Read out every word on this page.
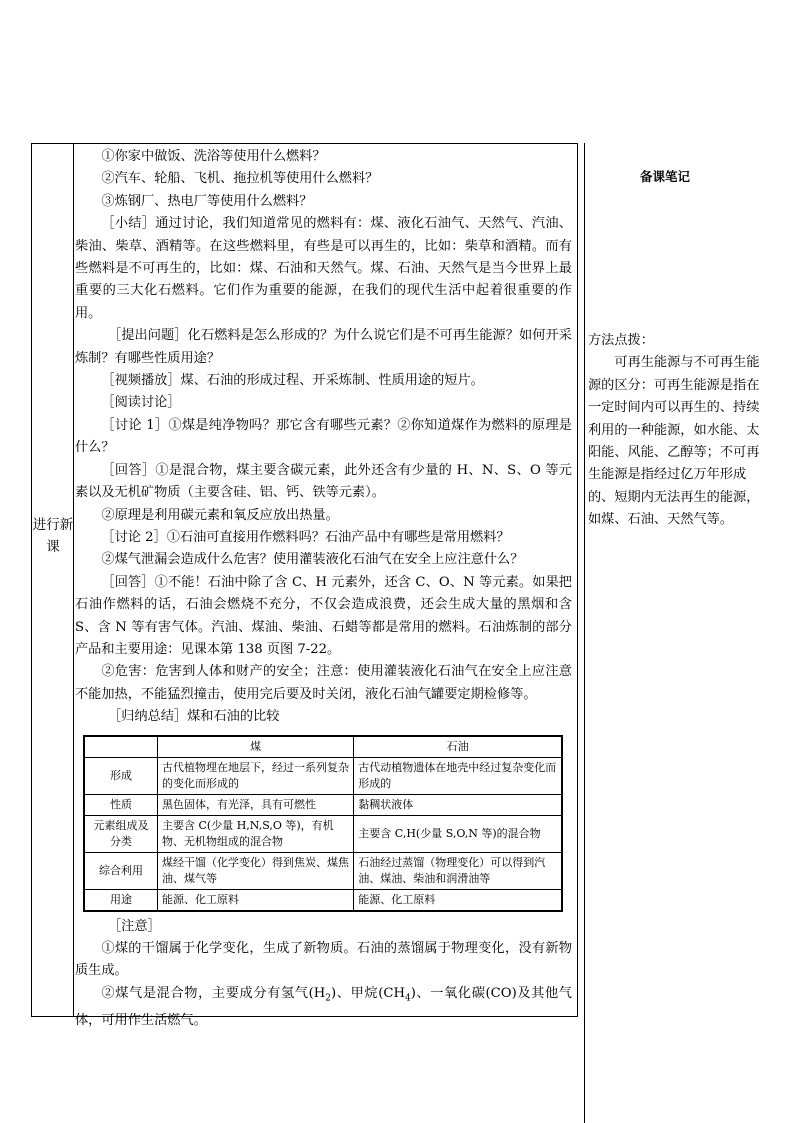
进行新课

①你家中做饭、洗浴等使用什么燃料？

②汽车、轮船、飞机、拖拉机等使用什么燃料？

③炼钢厂、热电厂等使用什么燃料？

［小结］通过讨论，我们知道常见的燃料有：煤、液化石油气、天然气、汽油、柴油、柴草、酒精等。在这些燃料里，有些是可以再生的，比如：柴草和酒精。而有些燃料是不可再生的，比如：煤、石油和天然气。煤、石油、天然气是当今世界上最重要的三大化石燃料。它们作为重要的能源，在我们的现代生活中起着很重要的作用。

［提出问题］化石燃料是怎么形成的？为什么说它们是不可再生能源？如何开采炼制？有哪些性质用途？

［视频播放］煤、石油的形成过程、开采炼制、性质用途的短片。

［阅读讨论］

［讨论 1］①煤是纯净物吗？那它含有哪些元素？②你知道煤作为燃料的原理是什么？

［回答］①是混合物，煤主要含碳元素，此外还含有少量的 H、N、S、O 等元素以及无机矿物质（主要含硅、铝、钙、铁等元素）。

②原理是利用碳元素和氧反应放出热量。

［讨论 2］①石油可直接用作燃料吗？石油产品中有哪些是常用燃料？

②煤气泄漏会造成什么危害？使用灌装液化石油气在安全上应注意什么？

［回答］①不能！石油中除了含 C、H 元素外，还含 C、O、N 等元素。如果把石油作燃料的话，石油会燃烧不充分，不仅会造成浪费，还会生成大量的黑烟和含 S、含 N 等有害气体。汽油、煤油、柴油、石蜡等都是常用的燃料。石油炼制的部分产品和主要用途：见课本第 138 页图 7-22。

②危害：危害到人体和财产的安全；注意：使用灌装液化石油气在安全上应注意不能加热，不能猛烈撞击，使用完后要及时关闭，液化石油气罐要定期检修等。

［归纳总结］煤和石油的比较

	煤	石油
形成	古代植物埋在地层下，经过一系列复杂的变化而形成的	古代动植物遗体在地壳中经过复杂变化而形成的
性质	黑色固体，有光泽，具有可燃性	黏稠状液体
元素组成及分类	主要含 C(少量 H,N,S,O 等)，有机物、无机物组成的混合物	主要含 C,H(少量 S,O,N 等)的混合物
综合利用	煤经干馏（化学变化）得到焦炭、煤焦油、煤气等	石油经过蒸馏（物理变化）可以得到汽油、煤油、柴油和润滑油等
用途	能源、化工原料	能源、化工原料

［注意］

①煤的干馏属于化学变化，生成了新物质。石油的蒸馏属于物理变化，没有新物质生成。

②煤气是混合物，主要成分有氢气$(H_2)$、甲烷$(CH_4)$、一氧化碳(CO)及其他气体，可用作生活燃气。

备课笔记

方法点拨：

可再生能源与不可再生能源的区分：可再生能源是指在一定时间内可以再生的、持续利用的一种能源，如水能、太阳能、风能、乙醇等；不可再生能源是指经过亿万年形成的、短期内无法再生的能源，如煤、石油、天然气等。
